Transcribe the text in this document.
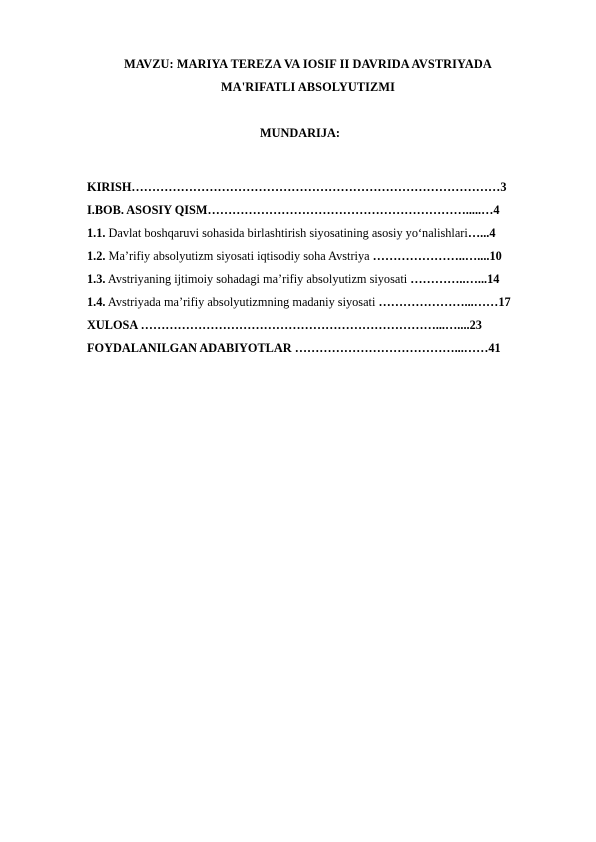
MAVZU: MARIYA TEREZA VA IOSIF II DAVRIDA AVSTRIYADA
MA'RIFATLI ABSOLYUTIZMI
MUNDARIJA:
KIRISH………………………………………………………………………………3
I.BOB. ASOSIY QISM……………………………………………………….....…4
1.1. Davlat boshqaruvi sohasida birlashtirish siyosatining asosiy yo‘nalishlari…...4
1.2. Ma’rifiy absolyutizm siyosati iqtisodiy soha Avstriya …………………..…....10
1.3. Avstriyaning ijtimoiy sohadagi ma’rifiy absolyutizm siyosati …………..…...14
1.4. Avstriyada ma’rifiy absolyutizmning madaniy siyosati …………………...……17
XULOSA ………………………………………………………………...…....23
FOYDALANILGAN ADABIYOTLAR …………………………………...……41
